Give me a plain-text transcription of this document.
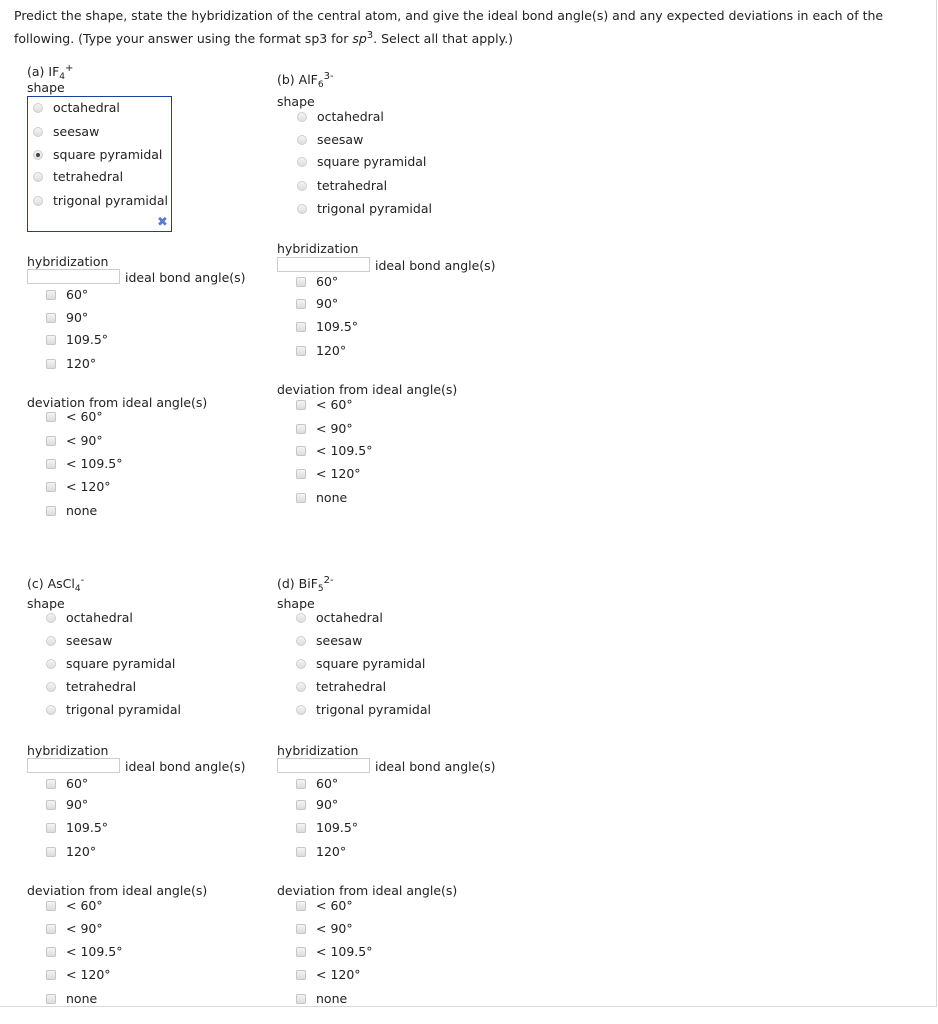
Predict the shape, state the hybridization of the central atom, and give the ideal bond angle(s) and any expected deviations in each of the
following. (Type your answer using the format sp3 for $sp^3$. Select all that apply.)
(a) $IF_4^+$
shape
✖
octahedral
seesaw
square pyramidal
tetrahedral
trigonal pyramidal
hybridization
ideal bond angle(s)
60°
90°
109.5°
120°
deviation from ideal angle(s)
< 60°
< 90°
< 109.5°
< 120°
none
(b) AlF$_6^{3-}$
shape
octahedral
seesaw
square pyramidal
tetrahedral
trigonal pyramidal
hybridization
ideal bond angle(s)
60°
90°
109.5°
120°
deviation from ideal angle(s)
< 60°
< 90°
< 109.5°
< 120°
none
(c) AsCl$_4$-
shape
octahedral
seesaw
square pyramidal
tetrahedral
trigonal pyramidal
hybridization
ideal bond angle(s)
60°
90°
109.5°
120°
deviation from ideal angle(s)
< 60°
< 90°
< 109.5°
< 120°
none
(d) BiF$_5^{2-}$
shape
octahedral
seesaw
square pyramidal
tetrahedral
trigonal pyramidal
hybridization
ideal bond angle(s)
60°
90°
109.5°
120°
deviation from ideal angle(s)
< 60°
< 90°
< 109.5°
< 120°
none
